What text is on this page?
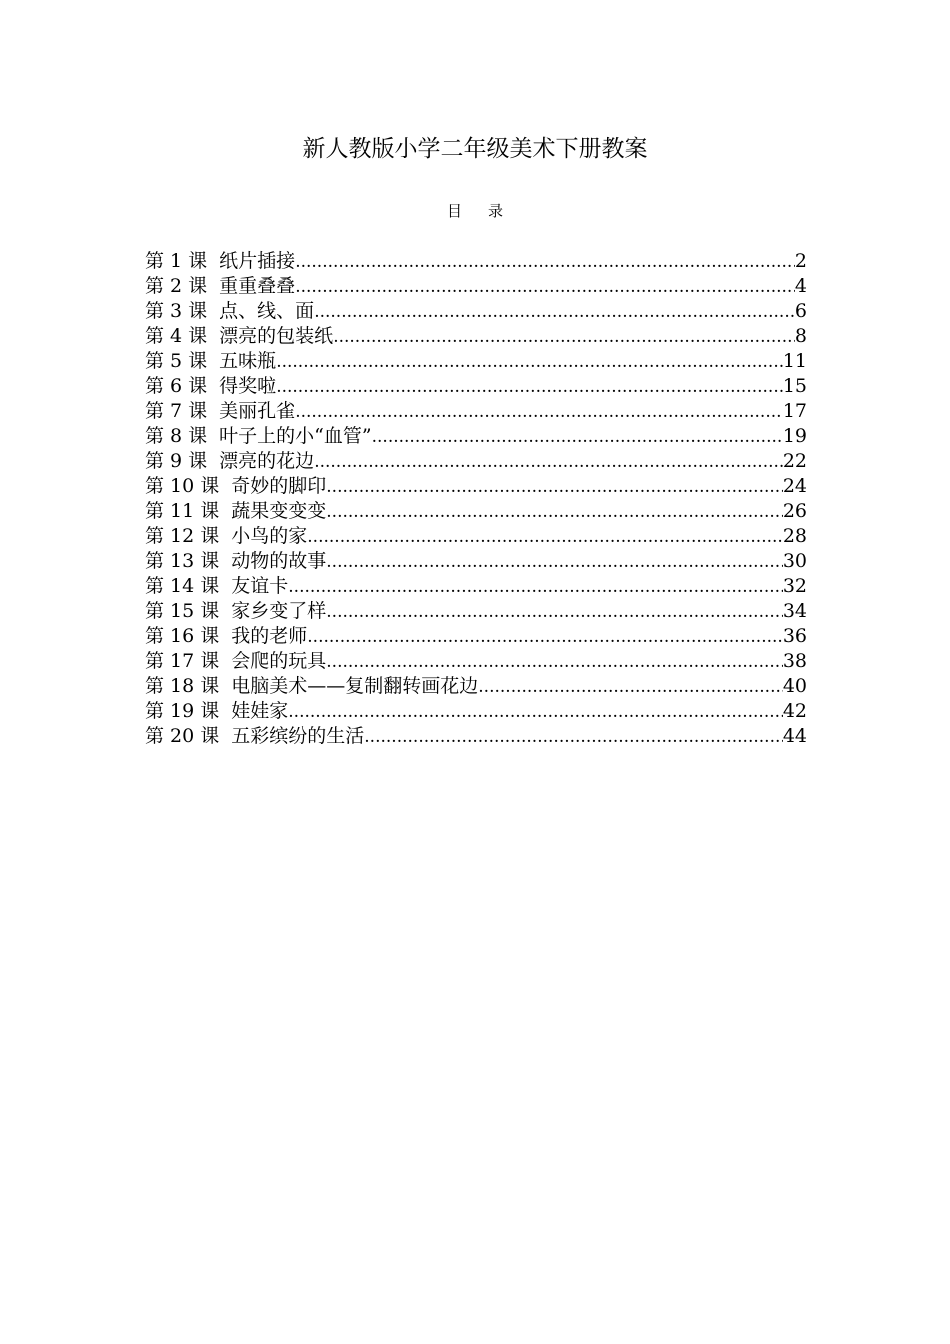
新人教版小学二年级美术下册教案
目录
第 1 课 纸片插接 .....	2
第 2 课 重重叠叠 .....	4
第 3 课 点、线、面 .....	6
第 4 课 漂亮的包装纸 .....	8
第 5 课 五味瓶 .....	11
第 6 课 得奖啦 .....	15
第 7 课 美丽孔雀 .....	17
第 8 课 叶子上的小“血管” .....	19
第 9 课 漂亮的花边 .....	22
第 10 课 奇妙的脚印 .....	24
第 11 课 蔬果变变变 .....	26
第 12 课 小鸟的家 .....	28
第 13 课 动物的故事 .....	30
第 14 课 友谊卡 .....	32
第 15 课 家乡变了样 .....	34
第 16 课 我的老师 .....	36
第 17 课 会爬的玩具 .....	38
第 18 课 电脑美术——复制翻转画花边 .....	40
第 19 课 娃娃家 .....	42
第 20 课 五彩缤纷的生活 .....	44
